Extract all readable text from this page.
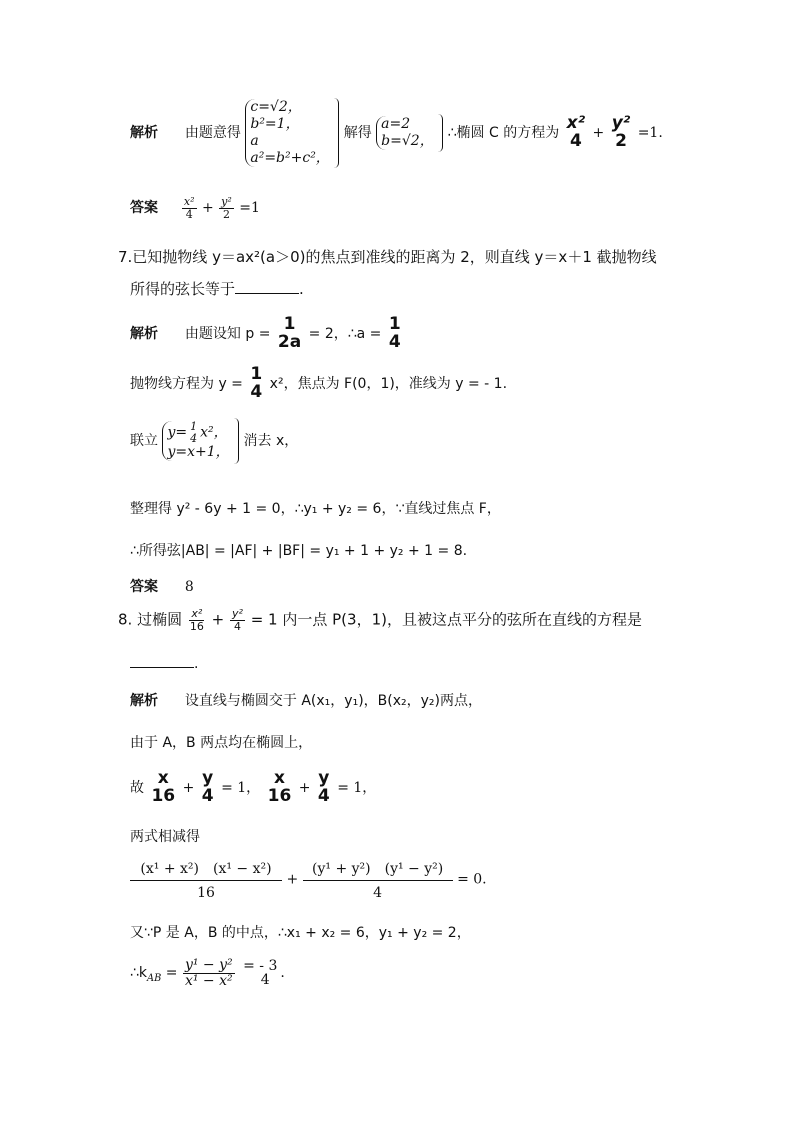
解析 由题意得
c=√2，
b²=1，
a
a²=b²+c²，
解得
a=2
b=√2， ∴椭圆 C 的方程为 x²
4 + y²
2 =1.
答案 $\frac{\text{x²}}{4} + \frac{\text{y²}}{2} =1$
7.已知抛物线 y＝ax²(a＞0)的焦点到准线的距离为 2，则直线 y＝x＋1 截抛物线
所得的弦长等于	.
解析 由题设知 p = 1
2a = 2，∴a = 1
4
抛物线方程为 y = 1
4 x²，焦点为 F(0，1)，准线为 y = - 1.
联立
y= 1
4 x²，
y=x+1，
消去 x，
整理得 y² - 6y + 1 = 0，∴y₁ + y₂ = 6，∵直线过焦点 F，
∴所得弦|AB| = |AF| + |BF| = y₁ + 1 + y₂ + 1 = 8.
答案 8
8. 过椭圆 $\frac{\text{x²}}{16} + \frac{\text{y²}}{4} = 1$ 内一点 P(3，1)，且被这点平分的弦所在直线的方程是
.
解析 设直线与椭圆交于 A(x₁，y₁)，B(x₂，y₂)两点，
由于 A，B 两点均在椭圆上，
故 x
16 + y
4 = 1， x
16 + y
4 = 1，
两式相减得
$\frac{\text{(x¹ + x²)　(x¹ − x²)}}{16} + \frac{\text{(y¹ + y²)　(y¹ − y²)}}{4} = 0$.
又∵P 是 A，B 的中点，∴x₁ + x₂ = 6，y₁ + y₂ = 2，
$\therefore k_{AB} = \frac{\text{y¹ − y²}}{\text{x¹ − x²}}$
= - 3
4 .
